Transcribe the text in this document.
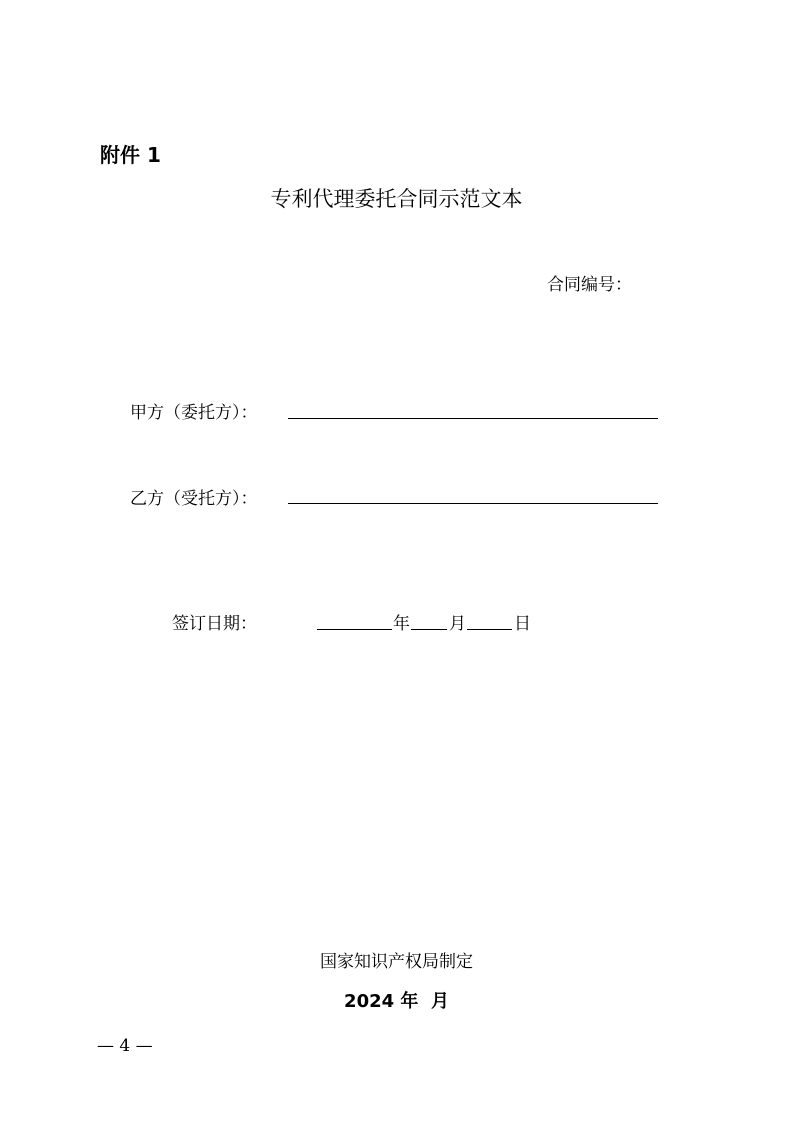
附件 1
专利代理委托合同示范文本
合同编号：
甲方（委托方）：
乙方（受托方）：
签订日期：	年 月	日
国家知识产权局制定
2024 年  月
— 4 —
